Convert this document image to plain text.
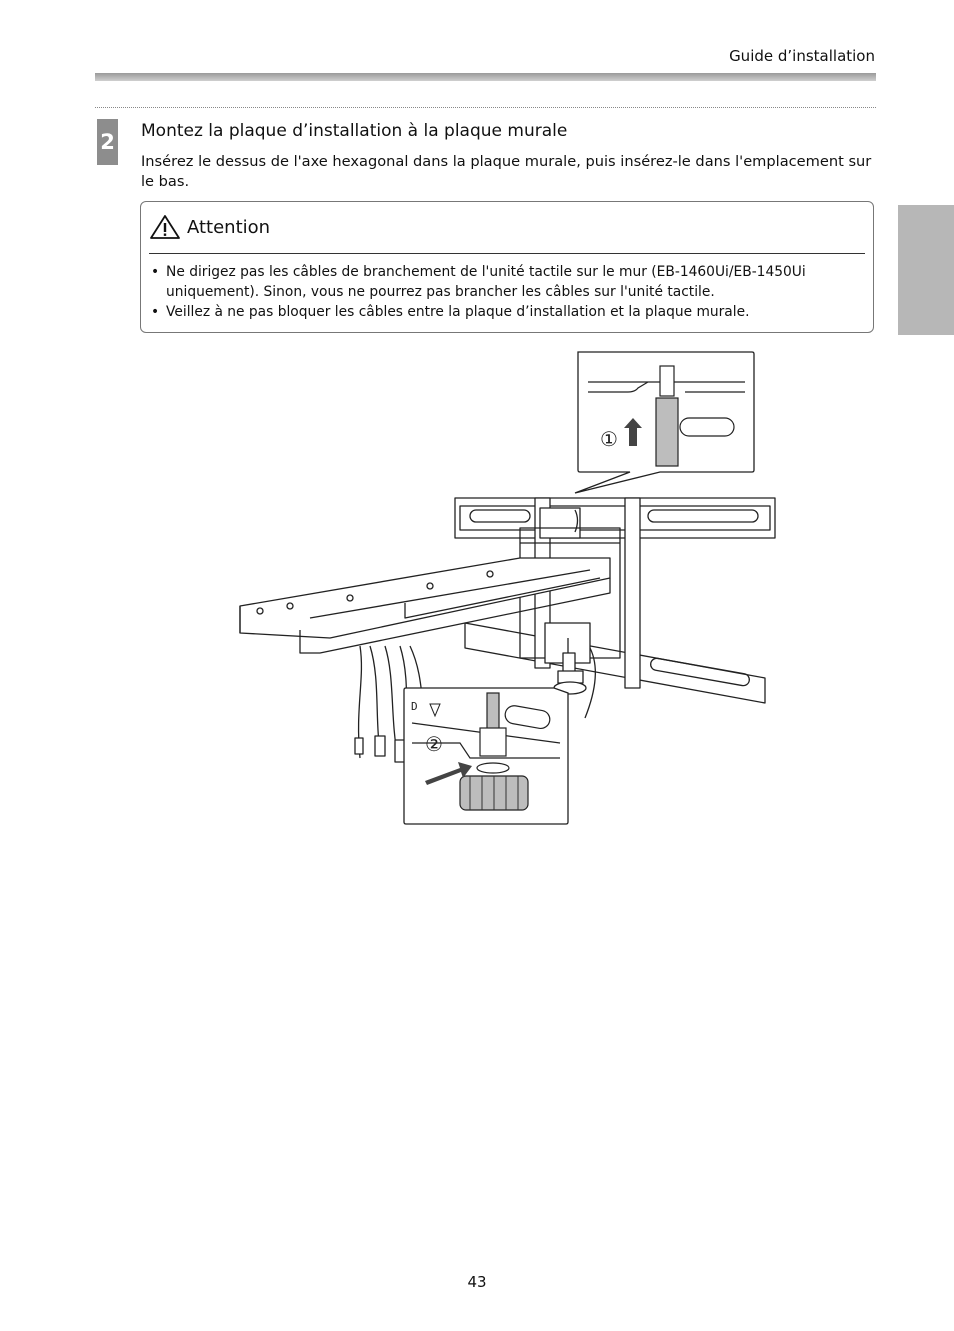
Guide d’installation
2 Montez la plaque d’installation à la plaque murale
Insérez le dessus de l'axe hexagonal dans la plaque murale, puis insérez-le dans l'emplacement sur le bas.
Attention
• Ne dirigez pas les câbles de branchement de l'unité tactile sur le mur (EB-1460Ui/EB-1450Ui uniquement). Sinon, vous ne pourrez pas brancher les câbles sur l'unité tactile.
• Veillez à ne pas bloquer les câbles entre la plaque d’installation et la plaque murale.
①
②
D
43
